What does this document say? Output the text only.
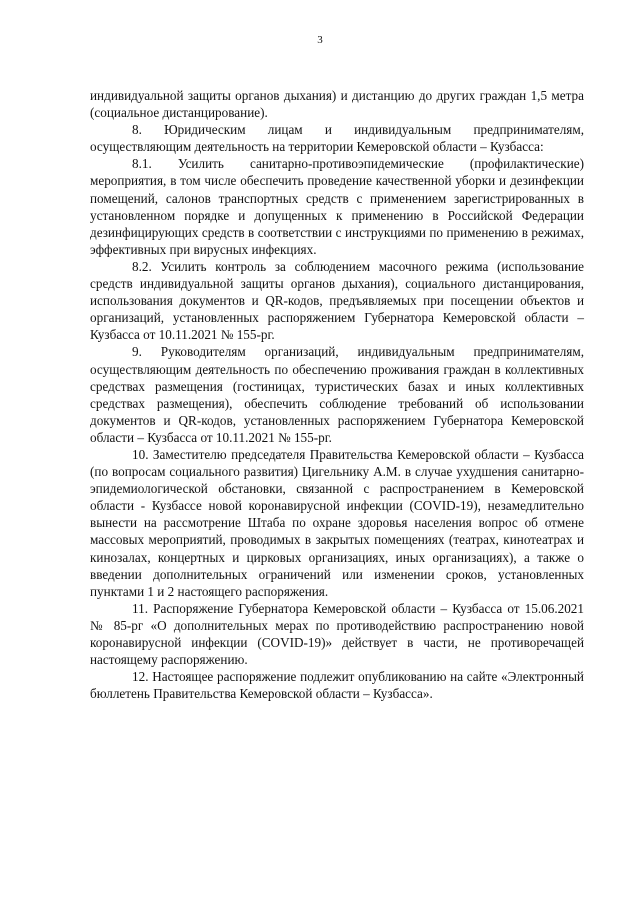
3

индивидуальной защиты органов дыхания) и дистанцию до других граждан 1,5 метра (социальное дистанцирование).

8. Юридическим лицам и индивидуальным предпринимателям, осуществляющим деятельность на территории Кемеровской области – Кузбасса:

8.1. Усилить санитарно-противоэпидемические (профилактические) мероприятия, в том числе обеспечить проведение качественной уборки и дезинфекции помещений, салонов транспортных средств с применением зарегистрированных в установленном порядке и допущенных к применению в Российской Федерации дезинфицирующих средств в соответствии с инструкциями по применению в режимах, эффективных при вирусных инфекциях.

8.2. Усилить контроль за соблюдением масочного режима (использование средств индивидуальной защиты органов дыхания), социального дистанцирования, использования документов и QR-кодов, предъявляемых при посещении объектов и организаций, установленных распоряжением Губернатора Кемеровской области – Кузбасса от 10.11.2021 № 155-рг.

9. Руководителям организаций, индивидуальным предпринимателям, осуществляющим деятельность по обеспечению проживания граждан в коллективных средствах размещения (гостиницах, туристических базах и иных коллективных средствах размещения), обеспечить соблюдение требований об использовании документов и QR-кодов, установленных распоряжением Губернатора Кемеровской области – Кузбасса от 10.11.2021 № 155-рг.

10. Заместителю председателя Правительства Кемеровской области – Кузбасса (по вопросам социального развития) Цигельнику А.М. в случае ухудшения санитарно-эпидемиологической обстановки, связанной с распространением в Кемеровской области - Кузбассе новой коронавирусной инфекции (COVID-19), незамедлительно вынести на рассмотрение Штаба по охране здоровья населения вопрос об отмене массовых мероприятий, проводимых в закрытых помещениях (театрах, кинотеатрах и кинозалах, концертных и цирковых организациях, иных организациях), а также о введении дополнительных ограничений или изменении сроков, установленных пунктами 1 и 2 настоящего распоряжения.

11. Распоряжение Губернатора Кемеровской области – Кузбасса от 15.06.2021 № 85-рг «О дополнительных мерах по противодействию распространению новой коронавирусной инфекции (COVID-19)» действует в части, не противоречащей настоящему распоряжению.

12. Настоящее распоряжение подлежит опубликованию на сайте «Электронный бюллетень Правительства Кемеровской области – Кузбасса».
